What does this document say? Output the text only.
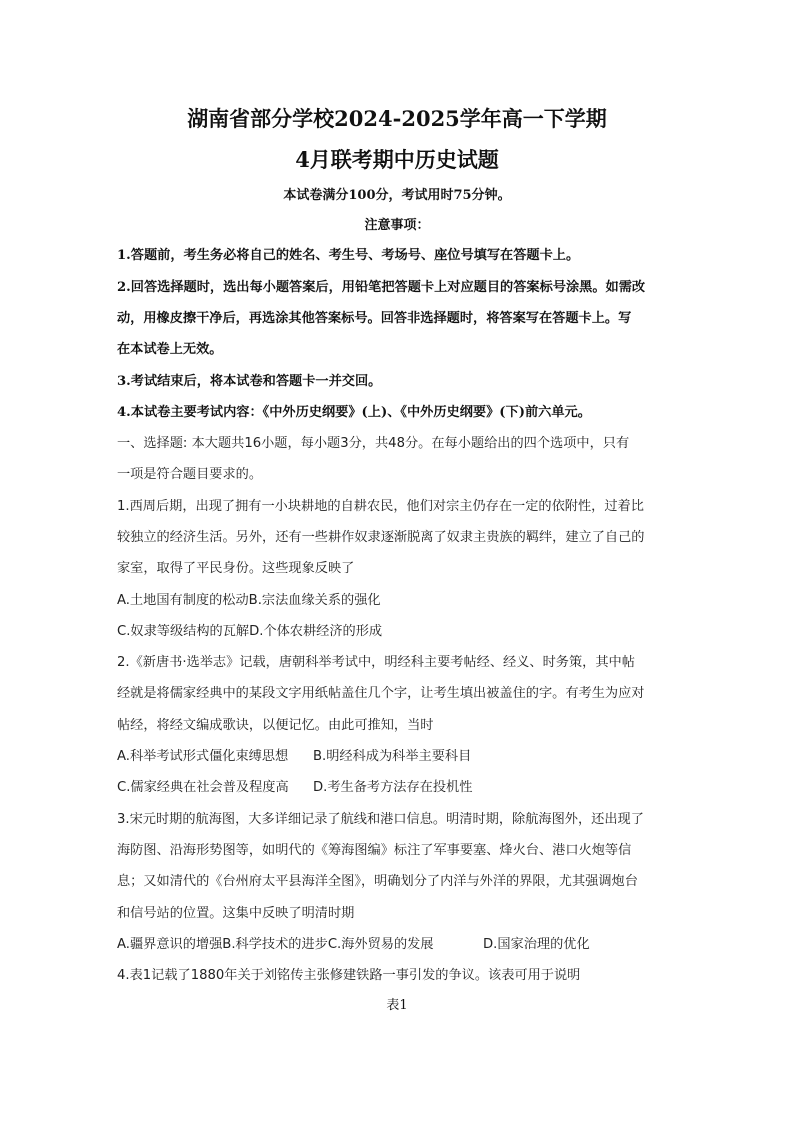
湖南省部分学校2024-2025学年高一下学期
4月联考期中历史试题
本试卷满分100分，考试用时75分钟。
注意事项：
1.答题前，考生务必将自己的姓名、考生号、考场号、座位号填写在答题卡上。
2.回答选择题时，选出每小题答案后，用铅笔把答题卡上对应题目的答案标号涂黑。如需改
动，用橡皮擦干净后，再选涂其他答案标号。回答非选择题时，将答案写在答题卡上。写
在本试卷上无效。
3.考试结束后，将本试卷和答题卡一并交回。
4.本试卷主要考试内容：《中外历史纲要》(上)、《中外历史纲要》(下)前六单元。
一、选择题: 本大题共16小题，每小题3分，共48分。在每小题给出的四个选项中，只有
一项是符合题目要求的。
1.西周后期，出现了拥有一小块耕地的自耕农民，他们对宗主仍存在一定的依附性，过着比
较独立的经济生活。另外，还有一些耕作奴隶逐渐脱离了奴隶主贵族的羁绊，建立了自己的
家室，取得了平民身份。这些现象反映了
A.土地国有制度的松动B.宗法血缘关系的强化
C.奴隶等级结构的瓦解D.个体农耕经济的形成
2.《新唐书·选举志》记载，唐朝科举考试中，明经科主要考帖经、经义、时务策，其中帖
经就是将儒家经典中的某段文字用纸帖盖住几个字，让考生填出被盖住的字。有考生为应对
帖经，将经文编成歌诀，以便记忆。由此可推知，当时
A.科举考试形式僵化束缚思想 B.明经科成为科举主要科目
C.儒家经典在社会普及程度高 D.考生备考方法存在投机性
3.宋元时期的航海图，大多详细记录了航线和港口信息。明清时期，除航海图外，还出现了
海防图、沿海形势图等，如明代的《筹海图编》标注了军事要塞、烽火台、港口火炮等信
息；又如清代的《台州府太平县海洋全图》，明确划分了内洋与外洋的界限，尤其强调炮台
和信号站的位置。这集中反映了明清时期
A.疆界意识的增强B.科学技术的进步C.海外贸易的发展	D.国家治理的优化
4.表1记载了1880年关于刘铭传主张修建铁路一事引发的争议。该表可用于说明
表1
